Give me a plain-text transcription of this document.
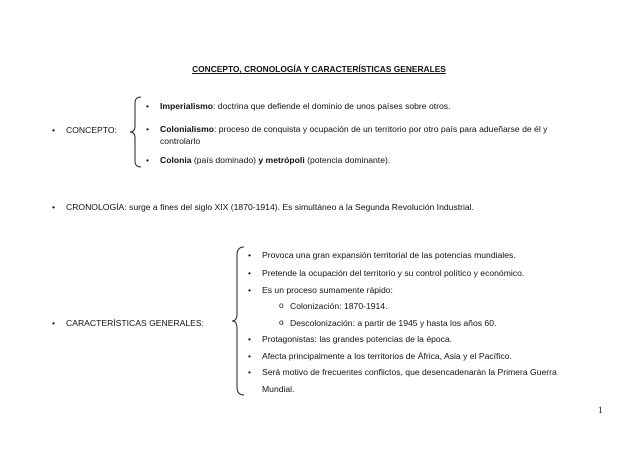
CONCEPTO, CRONOLOGÍA Y CARACTERÍSTICAS GENERALES
• CONCEPTO:
• Imperialismo: doctrina que defiende el dominio de unos países sobre otros.
• Colonialismo: proceso de conquista y ocupación de un territorio por otro país para adueñarse de él y
controlarlo
• Colonia (país dominado) y metrópoli (potencia dominante).
• CRONOLOGÍA: surge a fines del siglo XIX (1870-1914). Es simultáneo a la Segunda Revolución Industrial.
• CARACTERÍSTICAS GENERALES:
• Provoca una gran expansión territorial de las potencias mundiales.
• Pretende la ocupación del territorio y su control político y económico.
• Es un proceso sumamente rápido:
o Colonización: 1870-1914.
o Descolonización: a partir de 1945 y hasta los años 60.
• Protagonistas: las grandes potencias de la época.
• Afecta principalmente a los territorios de África, Asia y el Pacífico.
• Será motivo de frecuentes conflictos, que desencadenarán la Primera Guerra
Mundial.
1
